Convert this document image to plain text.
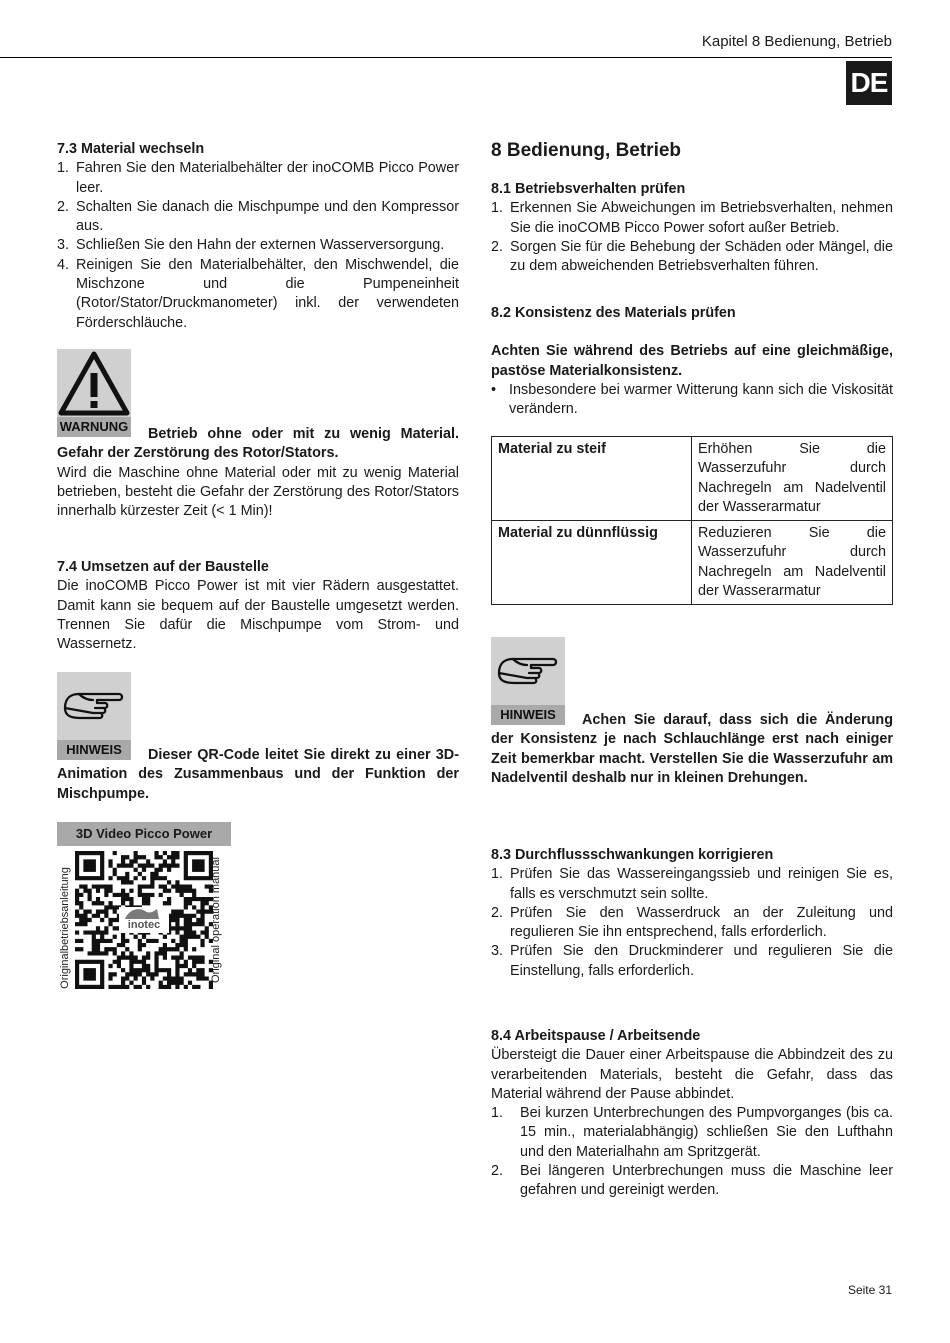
Kapitel 8 Bedienung, Betrieb
DE
7.3 Material wechseln
1. Fahren Sie den Materialbehälter der inoCOMB Picco Power leer.
2. Schalten Sie danach die Mischpumpe und den Kompressor aus.
3. Schließen Sie den Hahn der externen Wasserversorgung.
4. Reinigen Sie den Materialbehälter, den Mischwendel, die Mischzone und die Pumpeneinheit (Rotor/Stator/Druckmanometer) inkl. der verwendeten Förderschläuche.
WARNUNG	Betrieb ohne oder mit zu wenig Material. Gefahr der Zerstörung des Rotor/Stators.

Wird die Maschine ohne Material oder mit zu wenig Material betrieben, besteht die Gefahr der Zerstörung des Rotor/Stators innerhalb kürzester Zeit (< 1 Min)!

7.4 Umsetzen auf der Baustelle

Die inoCOMB Picco Power ist mit vier Rädern ausgestattet. Damit kann sie bequem auf der Baustelle umgesetzt werden. Trennen Sie dafür die Mischpumpe vom Strom- und Wassernetz.

HINWEIS	Dieser QR-Code leitet Sie direkt zu einer 3D-Animation des Zusammenbaus und der Funktion der Mischpumpe.

3D Video Picco Power
Originalbetriebsanleitung	Original operation manual
inotec
8 Bedienung, Betrieb
8.1 Betriebsverhalten prüfen
1. Erkennen Sie Abweichungen im Betriebsverhalten, nehmen Sie die inoCOMB Picco Power sofort außer Betrieb.
2. Sorgen Sie für die Behebung der Schäden oder Mängel, die zu dem abweichenden Betriebsverhalten führen.
8.2 Konsistenz des Materials prüfen

Achten Sie während des Betriebs auf eine gleichmäßige, pastöse Materialkonsistenz.

• Insbesondere bei warmer Witterung kann sich die Viskosität verändern.
Material zu steif	Erhöhen Sie die Wasserzufuhr durch Nachregeln am Nadelventil der Wasserarmatur
Material zu dünnflüssig	Reduzieren Sie die Wasserzufuhr durch Nachregeln am Nadelventil der Wasserarmatur
HINWEIS	Achen Sie darauf, dass sich die Änderung der Konsistenz je nach Schlauchlänge erst nach einiger Zeit bemerkbar macht. Verstellen Sie die Wasserzufuhr am Nadelventil deshalb nur in kleinen Drehungen.

8.3 Durchflussschwankungen korrigieren
1. Prüfen Sie das Wassereingangssieb und reinigen Sie es, falls es verschmutzt sein sollte.
2. Prüfen Sie den Wasserdruck an der Zuleitung und regulieren Sie ihn entsprechend, falls erforderlich.
3. Prüfen Sie den Druckminderer und regulieren Sie die Einstellung, falls erforderlich.
8.4 Arbeitspause / Arbeitsende

Übersteigt die Dauer einer Arbeitspause die Abbindzeit des zu verarbeitenden Materials, besteht die Gefahr, dass das Material während der Pause abbindet.

1. Bei kurzen Unterbrechungen des Pumpvorganges (bis ca. 15 min., materialabhängig) schließen Sie den Lufthahn und den Materialhahn am Spritzgerät.
2. Bei längeren Unterbrechungen muss die Maschine leer gefahren und gereinigt werden.
Seite 31
